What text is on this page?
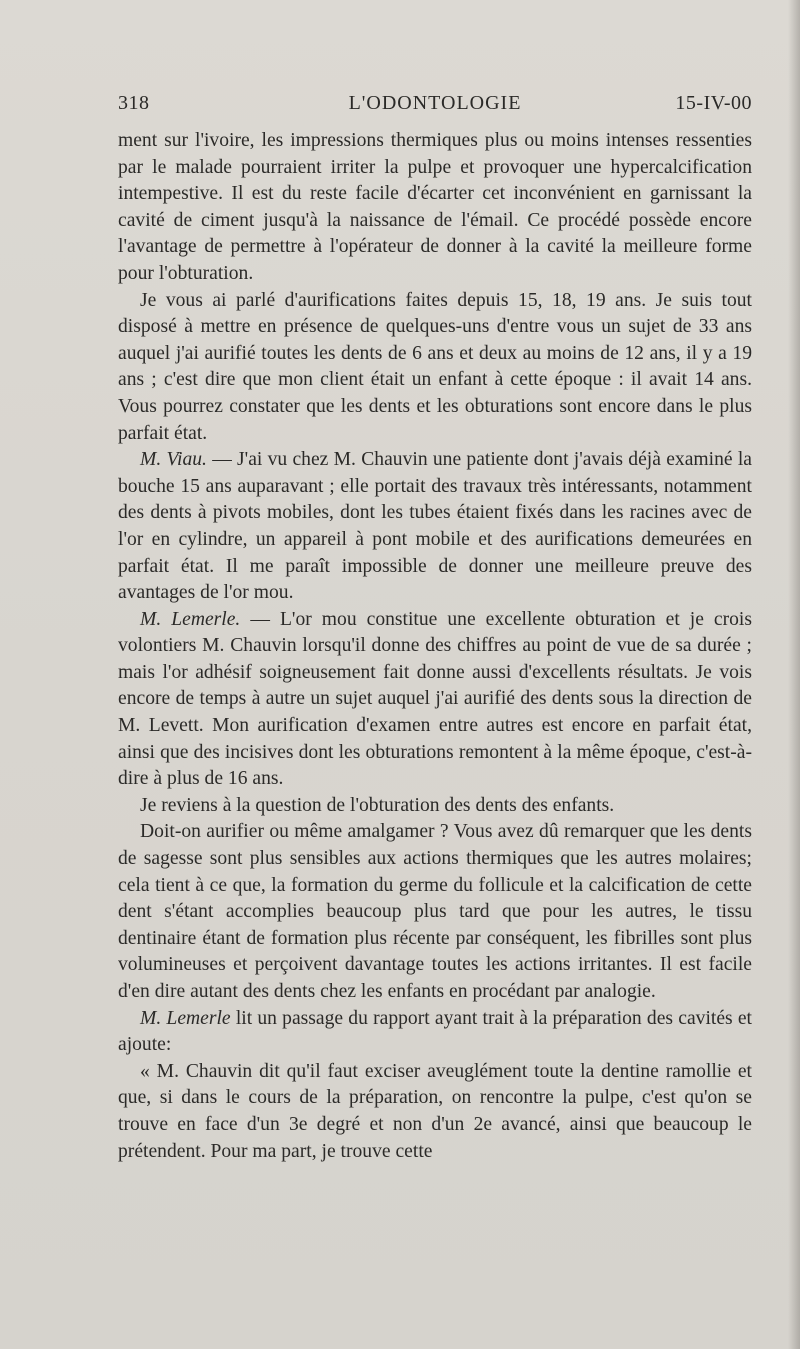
318	L'ODONTOLOGIE	15-IV-00

ment sur l'ivoire, les impressions thermiques plus ou moins intenses ressenties par le malade pourraient irriter la pulpe et provoquer une hypercalcification intempestive. Il est du reste facile d'écarter cet inconvénient en garnissant la cavité de ciment jusqu'à la naissance de l'émail. Ce procédé possède encore l'avantage de permettre à l'opérateur de donner à la cavité la meilleure forme pour l'obturation.

Je vous ai parlé d'aurifications faites depuis 15, 18, 19 ans. Je suis tout disposé à mettre en présence de quelques-uns d'entre vous un sujet de 33 ans auquel j'ai aurifié toutes les dents de 6 ans et deux au moins de 12 ans, il y a 19 ans ; c'est dire que mon client était un enfant à cette époque : il avait 14 ans. Vous pourrez constater que les dents et les obturations sont encore dans le plus parfait état.

M. Viau. — J'ai vu chez M. Chauvin une patiente dont j'avais déjà examiné la bouche 15 ans auparavant ; elle portait des travaux très intéressants, notamment des dents à pivots mobiles, dont les tubes étaient fixés dans les racines avec de l'or en cylindre, un appareil à pont mobile et des aurifications demeurées en parfait état. Il me paraît impossible de donner une meilleure preuve des avantages de l'or mou.

M. Lemerle. — L'or mou constitue une excellente obturation et je crois volontiers M. Chauvin lorsqu'il donne des chiffres au point de vue de sa durée ; mais l'or adhésif soigneusement fait donne aussi d'excellents résultats. Je vois encore de temps à autre un sujet auquel j'ai aurifié des dents sous la direction de M. Levett. Mon aurification d'examen entre autres est encore en parfait état, ainsi que des incisives dont les obturations remontent à la même époque, c'est-à-dire à plus de 16 ans.

Je reviens à la question de l'obturation des dents des enfants.

Doit-on aurifier ou même amalgamer ? Vous avez dû remarquer que les dents de sagesse sont plus sensibles aux actions thermiques que les autres molaires; cela tient à ce que, la formation du germe du follicule et la calcification de cette dent s'étant accomplies beaucoup plus tard que pour les autres, le tissu dentinaire étant de formation plus récente par conséquent, les fibrilles sont plus volumineuses et perçoivent davantage toutes les actions irritantes. Il est facile d'en dire autant des dents chez les enfants en procédant par analogie.

M. Lemerle lit un passage du rapport ayant trait à la préparation des cavités et ajoute:

« M. Chauvin dit qu'il faut exciser aveuglément toute la dentine ramollie et que, si dans le cours de la préparation, on rencontre la pulpe, c'est qu'on se trouve en face d'un 3e degré et non d'un 2e avancé, ainsi que beaucoup le prétendent. Pour ma part, je trouve cette
